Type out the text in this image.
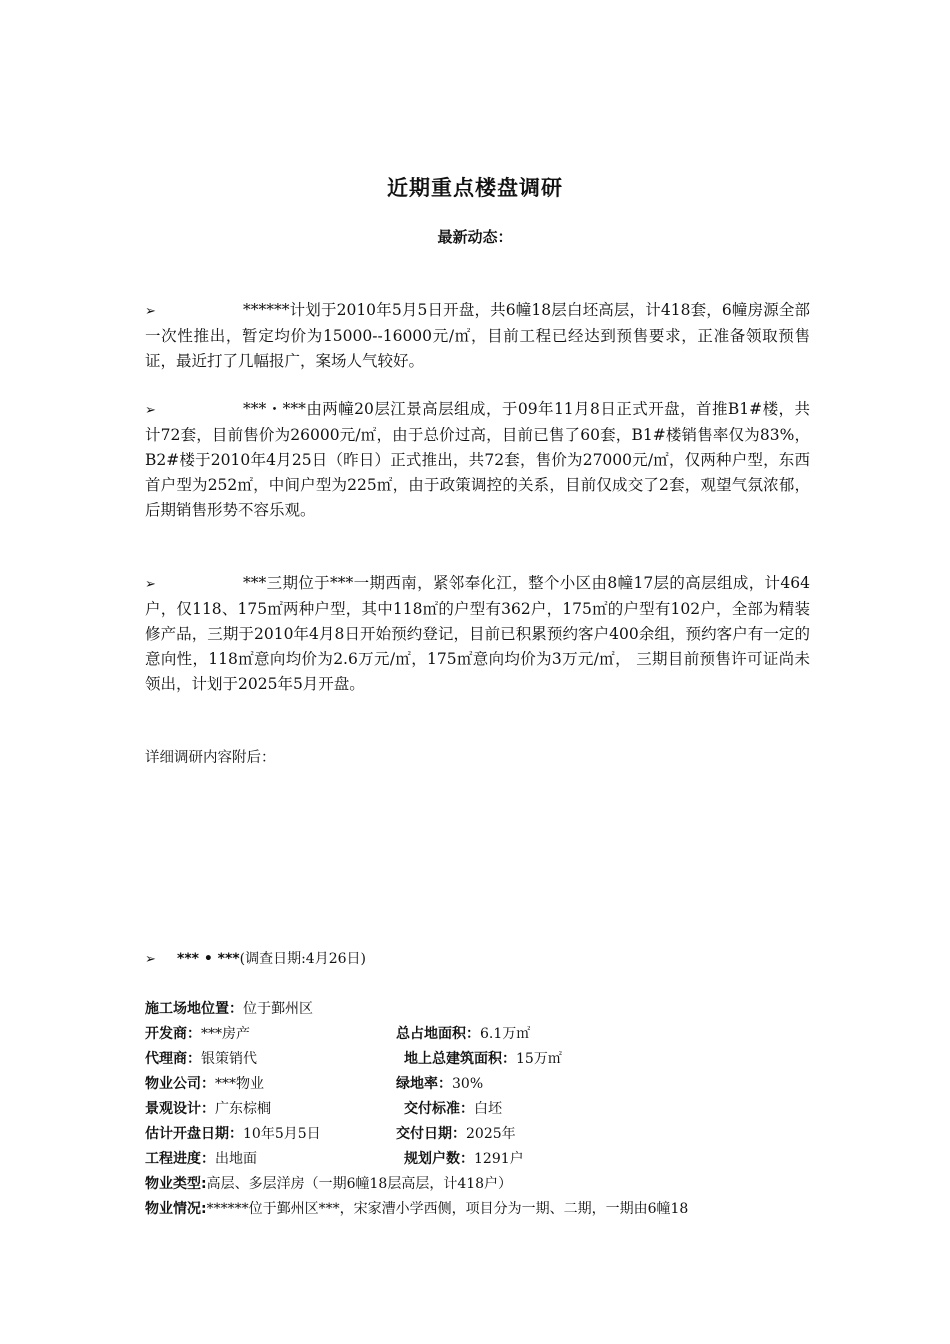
近期重点楼盘调研
最新动态：
➢	******计划于2010年5月5日开盘，共6幢18层白坯高层，计418套，6幢房源全部一次性推出，暂定均价为15000--16000元/㎡，目前工程已经达到预售要求，正准备领取预售证，最近打了几幅报广，案场人气较好。
➢	***・***由两幢20层江景高层组成，于09年11月8日正式开盘，首推B1#楼，共计72套，目前售价为26000元/㎡，由于总价过高，目前已售了60套，B1#楼销售率仅为83%， B2#楼于2010年4月25日（昨日）正式推出，共72套，售价为27000元/㎡，仅两种户型，东西首户型为252㎡，中间户型为225㎡，由于政策调控的关系，目前仅成交了2套，观望气氛浓郁，后期销售形势不容乐观。
➢	***三期位于***一期西南，紧邻奉化江，整个小区由8幢17层的高层组成，计464户，仅118、175㎡两种户型，其中118㎡的户型有362户，175㎡的户型有102户，全部为精装修产品，三期于2010年4月8日开始预约登记，目前已积累预约客户400余组，预约客户有一定的意向性，118㎡意向均价为2.6万元/㎡，175㎡意向均价为3万元/㎡， 三期目前预售许可证尚未领出，计划于2025年5月开盘。
详细调研内容附后：
➢ *** • ***(调查日期:4月26日)
施工场地位置：位于鄞州区
开发商：***房产	总占地面积：6.1万㎡
代理商：银策销代	地上总建筑面积：15万㎡
物业公司：***物业	绿地率：30%
景观设计：广东棕榈	交付标准：白坯
估计开盘日期：10年5月5日	交付日期：2025年
工程进度：出地面	规划户数：1291户
物业类型:高层、多层洋房（一期6幢18层高层，计418户）
物业情况:******位于鄞州区***，宋家漕小学西侧，项目分为一期、二期，一期由6幢18
